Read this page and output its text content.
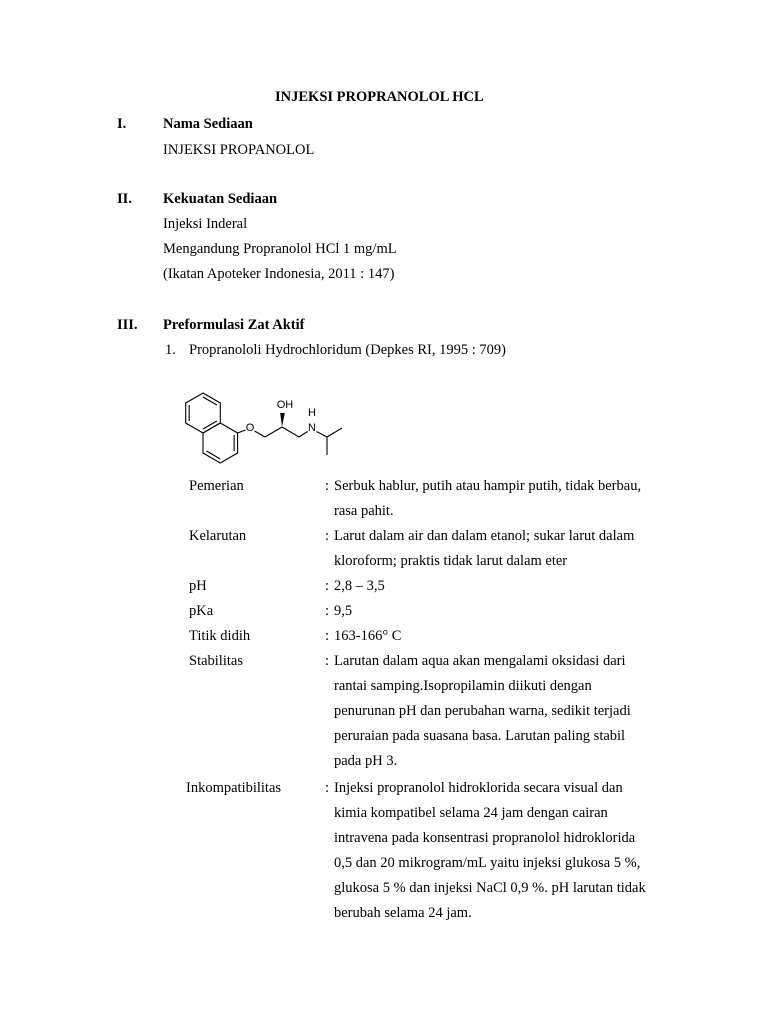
INJEKSI PROPRANOLOL HCL
I.	Nama Sediaan
INJEKSI PROPANOLOL
II. Kekuatan Sediaan
Injeksi Inderal
Mengandung Propranolol HCl 1 mg/mL
(Ikatan Apoteker Indonesia, 2011 : 147)
III. Preformulasi Zat Aktif
1. Propranololi Hydrochloridum (Depkes RI, 1995 : 709)
O
OH
N
H
Pemerian	: Serbuk hablur, putih atau hampir putih, tidak berbau,
rasa pahit.
Kelarutan	: Larut dalam air dan dalam etanol; sukar larut dalam
kloroform; praktis tidak larut dalam eter
pH	: 2,8 – 3,5
pKa	: 9,5
Titik didih	: 163-166° C
Stabilitas	: Larutan dalam aqua akan mengalami oksidasi dari
rantai samping.Isopropilamin diikuti dengan
penurunan pH dan perubahan warna, sedikit terjadi
peruraian pada suasana basa. Larutan paling stabil
pada pH 3.
Inkompatibilitas	: Injeksi propranolol hidroklorida secara visual dan
kimia kompatibel selama 24 jam dengan cairan
intravena pada konsentrasi propranolol hidroklorida
0,5 dan 20 mikrogram/mL yaitu injeksi glukosa 5 %,
glukosa 5 % dan injeksi NaCl 0,9 %. pH larutan tidak
berubah selama 24 jam.
